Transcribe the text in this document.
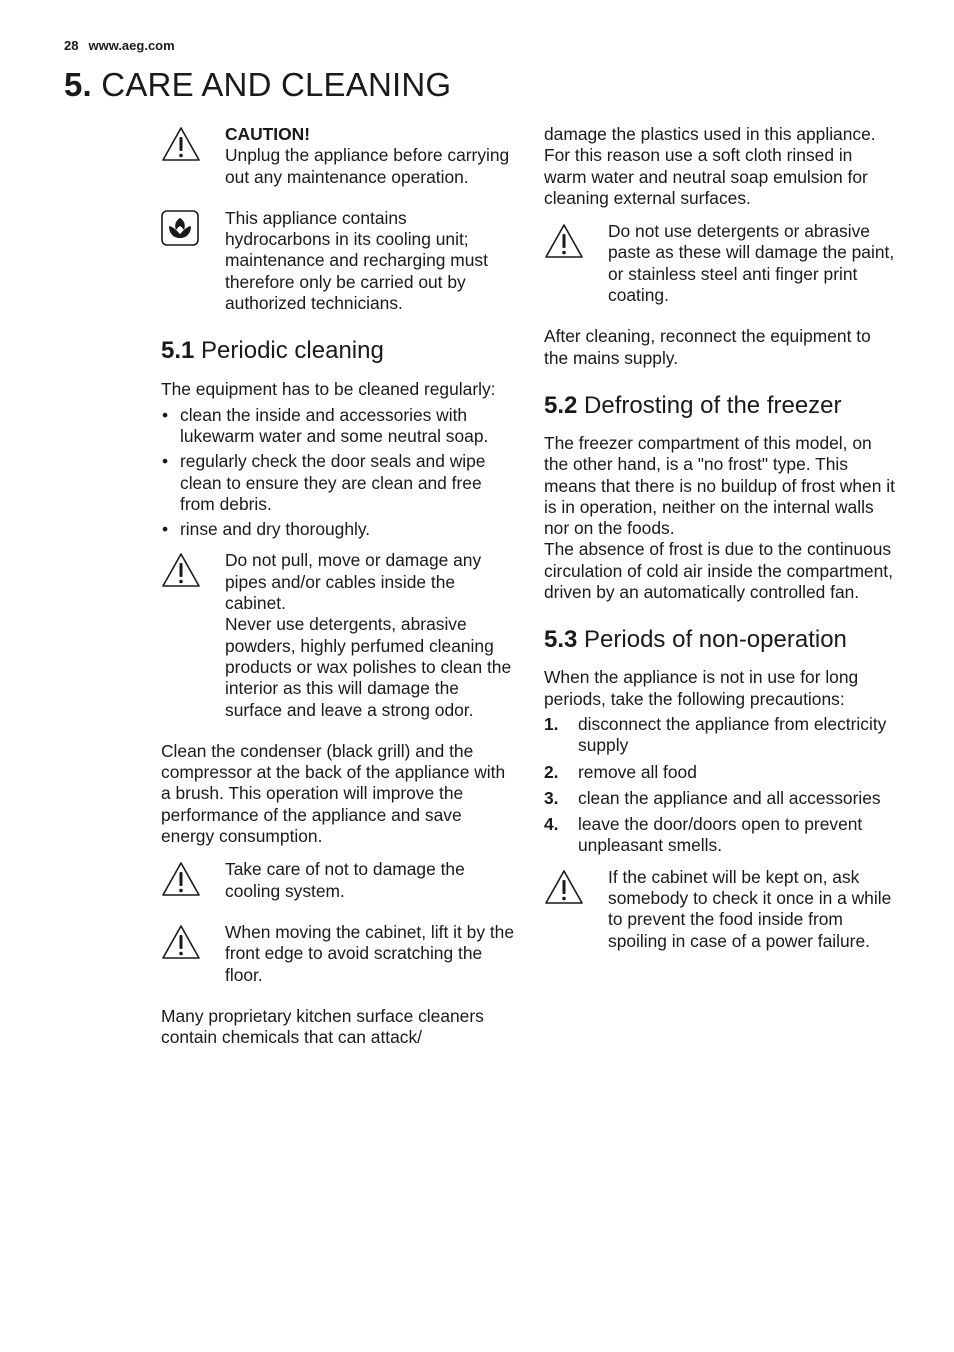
28 www.aeg.com
5. CARE AND CLEANING

CAUTION!

Unplug the appliance before carrying out any maintenance operation.

This appliance contains hydrocarbons in its cooling unit; maintenance and recharging must therefore only be carried out by authorized technicians.

5.1 Periodic cleaning

The equipment has to be cleaned regularly:

• clean the inside and accessories with lukewarm water and some neutral soap.
• regularly check the door seals and wipe clean to ensure they are clean and free from debris.
• rinse and dry thoroughly.

Do not pull, move or damage any pipes and/or cables inside the cabinet.

Never use detergents, abrasive powders, highly perfumed cleaning products or wax polishes to clean the interior as this will damage the surface and leave a strong odor.

Clean the condenser (black grill) and the compressor at the back of the appliance with a brush. This operation will improve the performance of the appliance and save energy consumption.

Take care of not to damage the cooling system.

When moving the cabinet, lift it by the front edge to avoid scratching the floor.

Many proprietary kitchen surface cleaners contain chemicals that can attack/

damage the plastics used in this appliance. For this reason use a soft cloth rinsed in warm water and neutral soap emulsion for cleaning external surfaces.

Do not use detergents or abrasive paste as these will damage the paint, or stainless steel anti finger print coating.

After cleaning, reconnect the equipment to the mains supply.

5.2 Defrosting of the freezer

The freezer compartment of this model, on the other hand, is a "no frost" type. This means that there is no buildup of frost when it is in operation, neither on the internal walls nor on the foods.

The absence of frost is due to the continuous circulation of cold air inside the compartment, driven by an automatically controlled fan.

5.3 Periods of non-operation

When the appliance is not in use for long periods, take the following precautions:

1.	disconnect the appliance from electricity supply
2.	remove all food
3.	clean the appliance and all accessories
4.	leave the door/doors open to prevent unpleasant smells.

If the cabinet will be kept on, ask somebody to check it once in a while to prevent the food inside from spoiling in case of a power failure.
